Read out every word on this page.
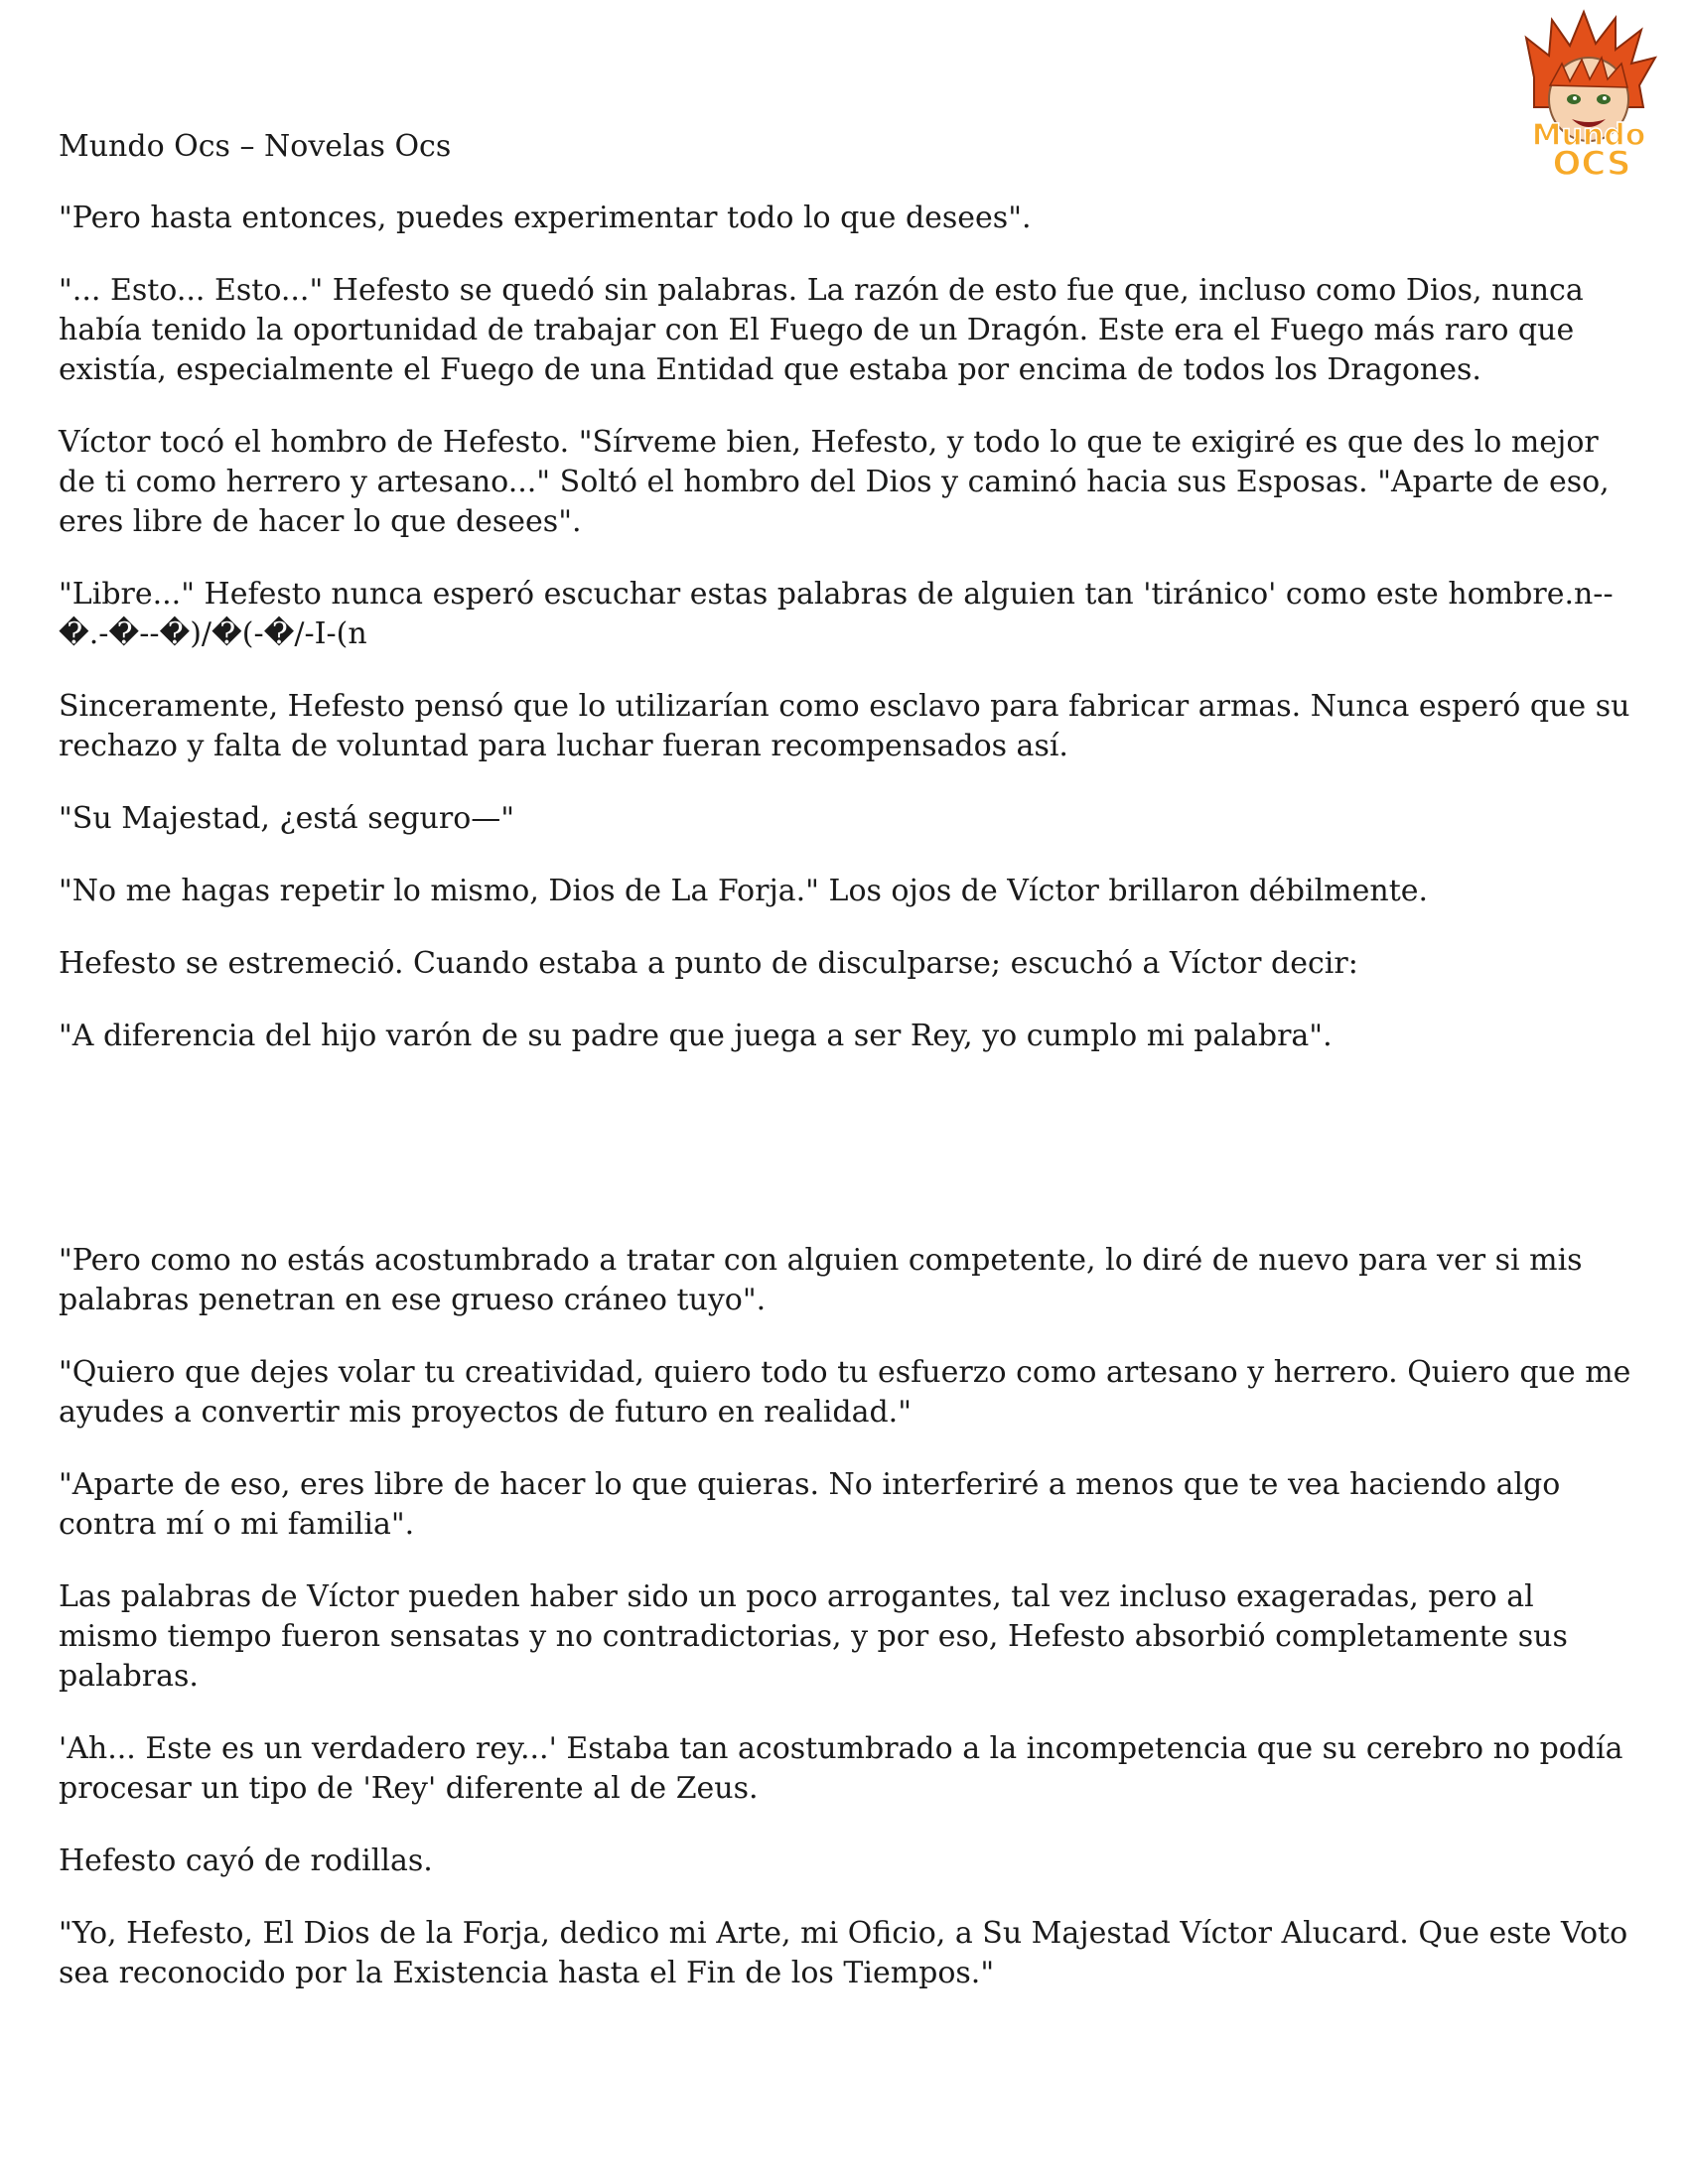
Mundo
OCS

Mundo Ocs – Novelas Ocs

"Pero hasta entonces, puedes experimentar todo lo que desees".

"... Esto... Esto..." Hefesto se quedó sin palabras. La razón de esto fue que, incluso como Dios, nunca había tenido la oportunidad de trabajar con El Fuego de un Dragón. Este era el Fuego más raro que existía, especialmente el Fuego de una Entidad que estaba por encima de todos los Dragones.

Víctor tocó el hombro de Hefesto. "Sírveme bien, Hefesto, y todo lo que te exigiré es que des lo mejor de ti como herrero y artesano..." Soltó el hombro del Dios y caminó hacia sus Esposas. "Aparte de eso, eres libre de hacer lo que desees".

"Libre..." Hefesto nunca esperó escuchar estas palabras de alguien tan 'tiránico' como este hombre.n--�.-�--�)/�(-�/-I-(n

Sinceramente, Hefesto pensó que lo utilizarían como esclavo para fabricar armas. Nunca esperó que su rechazo y falta de voluntad para luchar fueran recompensados así.

"Su Majestad, ¿está seguro—"

"No me hagas repetir lo mismo, Dios de La Forja." Los ojos de Víctor brillaron débilmente.

Hefesto se estremeció. Cuando estaba a punto de disculparse; escuchó a Víctor decir:

"A diferencia del hijo varón de su padre que juega a ser Rey, yo cumplo mi palabra".

"Pero como no estás acostumbrado a tratar con alguien competente, lo diré de nuevo para ver si mis palabras penetran en ese grueso cráneo tuyo".

"Quiero que dejes volar tu creatividad, quiero todo tu esfuerzo como artesano y herrero. Quiero que me ayudes a convertir mis proyectos de futuro en realidad."

"Aparte de eso, eres libre de hacer lo que quieras. No interferiré a menos que te vea haciendo algo contra mí o mi familia".

Las palabras de Víctor pueden haber sido un poco arrogantes, tal vez incluso exageradas, pero al mismo tiempo fueron sensatas y no contradictorias, y por eso, Hefesto absorbió completamente sus palabras.

'Ah... Este es un verdadero rey...' Estaba tan acostumbrado a la incompetencia que su cerebro no podía procesar un tipo de 'Rey' diferente al de Zeus.

Hefesto cayó de rodillas.

"Yo, Hefesto, El Dios de la Forja, dedico mi Arte, mi Oficio, a Su Majestad Víctor Alucard. Que este Voto sea reconocido por la Existencia hasta el Fin de los Tiempos."
